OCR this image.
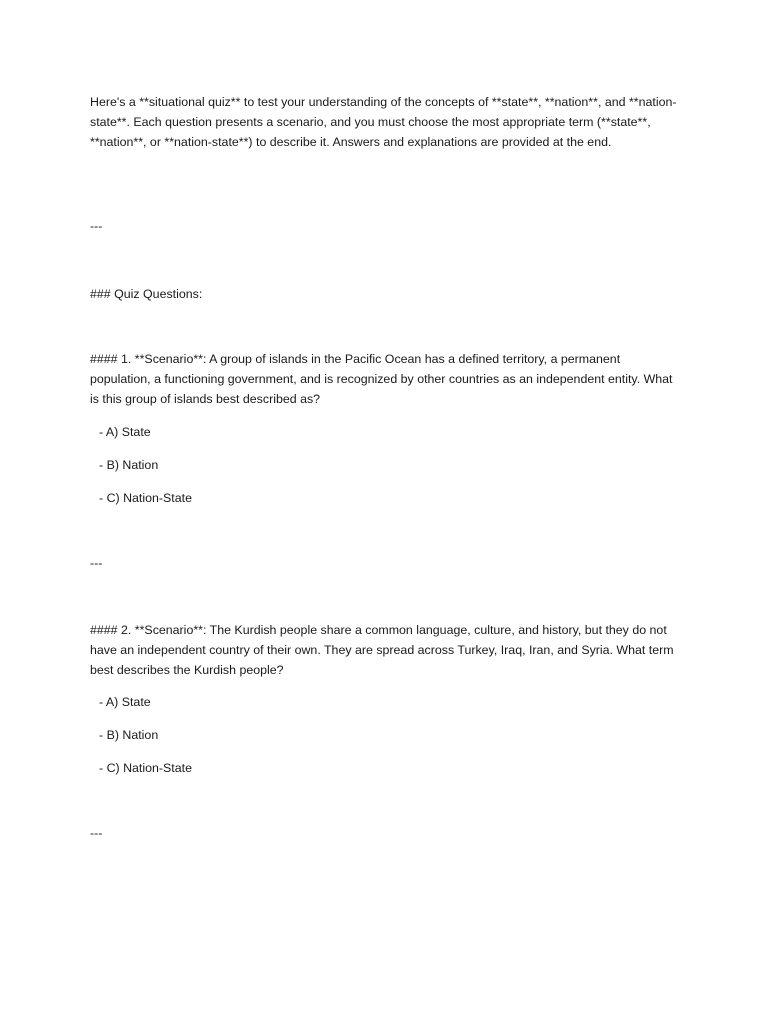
Here's a **situational quiz** to test your understanding of the concepts of **state**, **nation**, and **nation-state**. Each question presents a scenario, and you must choose the most appropriate term (**state**, **nation**, or **nation-state**) to describe it. Answers and explanations are provided at the end.

---

### Quiz Questions:

#### 1. **Scenario**: A group of islands in the Pacific Ocean has a defined territory, a permanent population, a functioning government, and is recognized by other countries as an independent entity. What is this group of islands best described as?

- A) State

- B) Nation

- C) Nation-State

---

#### 2. **Scenario**: The Kurdish people share a common language, culture, and history, but they do not have an independent country of their own. They are spread across Turkey, Iraq, Iran, and Syria. What term best describes the Kurdish people?

- A) State

- B) Nation

- C) Nation-State

---
